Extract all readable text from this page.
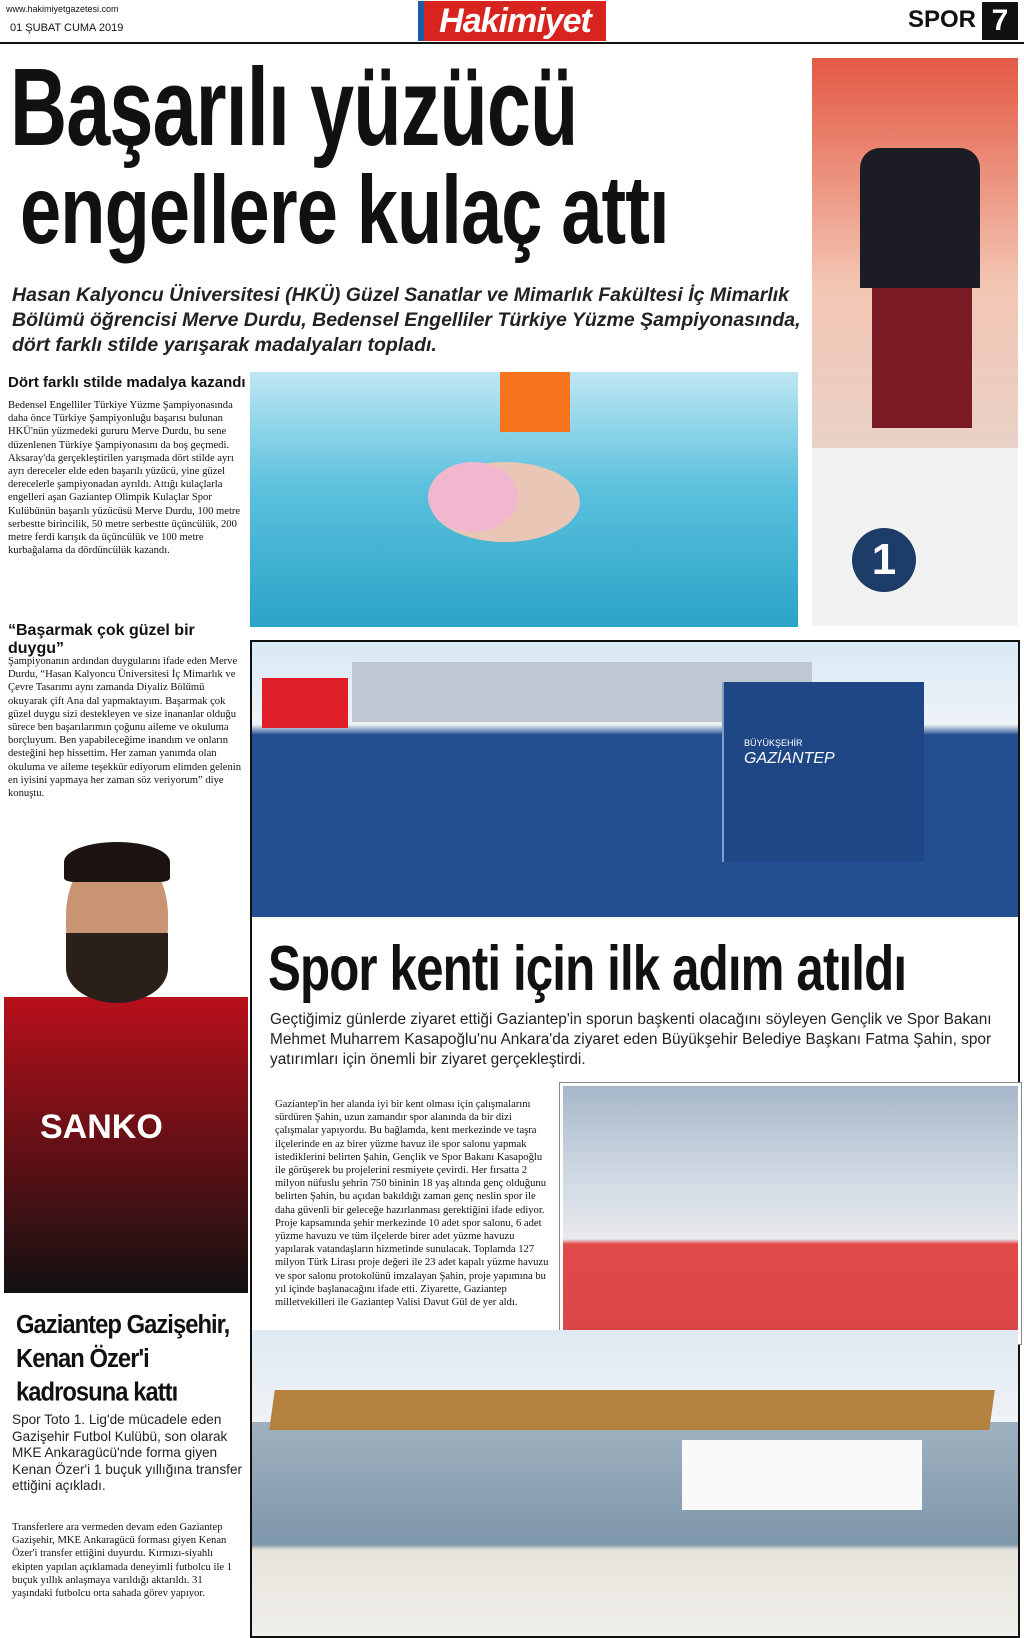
www.hakimiyetgazetesi.com
01 ŞUBAT CUMA 2019	Hakimiyet	SPOR 7
Başarılı yüzücü
engellere kulaç attı
Hasan Kalyoncu Üniversitesi (HKÜ) Güzel Sanatlar ve Mimarlık Fakültesi İç Mimarlık Bölümü öğrencisi Merve Durdu, Bedensel Engelliler Türkiye Yüzme Şampiyonasında, dört farklı stilde yarışarak madalyaları topladı.
Dört farklı stilde madalya kazandı
Bedensel Engelliler Türkiye Yüzme Şampiyonasında daha önce Türkiye Şampiyonluğu başarısı bulunan HKÜ'nün yüzmedeki gururu Merve Durdu, bu sene düzenlenen Türkiye Şampiyonasını da boş geçmedi. Aksaray'da gerçekleştirilen yarışmada dört stilde ayrı ayrı dereceler elde eden başarılı yüzücü, yine güzel derecelerle şampiyonadan ayrıldı. Attığı kulaçlarla engelleri aşan Gaziantep Olimpik Kulaçlar Spor Kulübünün başarılı yüzücüsü Merve Durdu, 100 metre serbestte birincilik, 50 metre serbestte üçüncülük, 200 metre ferdi karışık da üçüncülük ve 100 metre kurbağalama da dördüncülük kazandı.
“Başarmak çok güzel bir duygu”
Şampiyonanın ardından duygularını ifade eden Merve Durdu, “Hasan Kalyoncu Üniversitesi İç Mimarlık ve Çevre Tasarımı aynı zamanda Diyaliz Bölümü okuyarak çift Ana dal yapmaktayım. Başarmak çok güzel duygu sizi destekleyen ve size inananlar olduğu sürece ben başarılarımın çoğunu aileme ve okuluma borçluyum. Ben yapabileceğime inandım ve onların desteğini hep hissettim. Her zaman yanımda olan okuluma ve aileme teşekkür ediyorum elimden gelenin en iyisini yapmaya her zaman söz veriyorum” diye konuştu.
1
BÜYÜKŞEHİR
GAZİANTEP
Spor kenti için ilk adım atıldı
Geçtiğimiz günlerde ziyaret ettiği Gaziantep'in sporun başkenti olacağını söyleyen Gençlik ve Spor Bakanı Mehmet Muharrem Kasapoğlu'nu Ankara'da ziyaret eden Büyükşehir Belediye Başkanı Fatma Şahin, spor yatırımları için önemli bir ziyaret gerçekleştirdi.
Gaziantep'in her alanda iyi bir kent olması için çalışmalarını sürdüren Şahin, uzun zamandır spor alanında da bir dizi çalışmalar yapıyordu. Bu bağlamda, kent merkezinde ve taşra ilçelerinde en az birer yüzme havuz ile spor salonu yapmak istediklerini belirten Şahin, Gençlik ve Spor Bakanı Kasapoğlu ile görüşerek bu projelerini resmiyete çevirdi. Her fırsatta 2 milyon nüfuslu şehrin 750 bininin 18 yaş altında genç olduğunu belirten Şahin, bu açıdan bakıldığı zaman genç neslin spor ile daha güvenli bir geleceğe hazırlanması gerektiğini ifade ediyor. Proje kapsamında şehir merkezinde 10 adet spor salonu, 6 adet yüzme havuzu ve tüm ilçelerde birer adet yüzme havuzu yapılarak vatandaşların hizmetinde sunulacak. Toplamda 127 milyon Türk Lirası proje değeri ile 23 adet kapalı yüzme havuzu ve spor salonu protokolünü imzalayan Şahin, proje yapımına bu yıl içinde başlanacağını ifade etti. Ziyarette, Gaziantep milletvekilleri ile Gaziantep Valisi Davut Gül de yer aldı.
SANKO
Gaziantep Gazişehir, Kenan Özer'i kadrosuna kattı
Spor Toto 1. Lig'de mücadele eden Gazişehir Futbol Kulübü, son olarak MKE Ankaragücü'nde forma giyen Kenan Özer'i 1 buçuk yıllığına transfer ettiğini açıkladı.
Transferlere ara vermeden devam eden Gaziantep Gazişehir, MKE Ankaragücü forması giyen Kenan Özer'i transfer ettiğini duyurdu. Kırmızı-siyahlı ekipten yapılan açıklamada deneyimli futbolcu ile 1 buçuk yıllık anlaşmaya varıldığı aktarıldı. 31 yaşındaki futbolcu orta sahada görev yapıyor.
